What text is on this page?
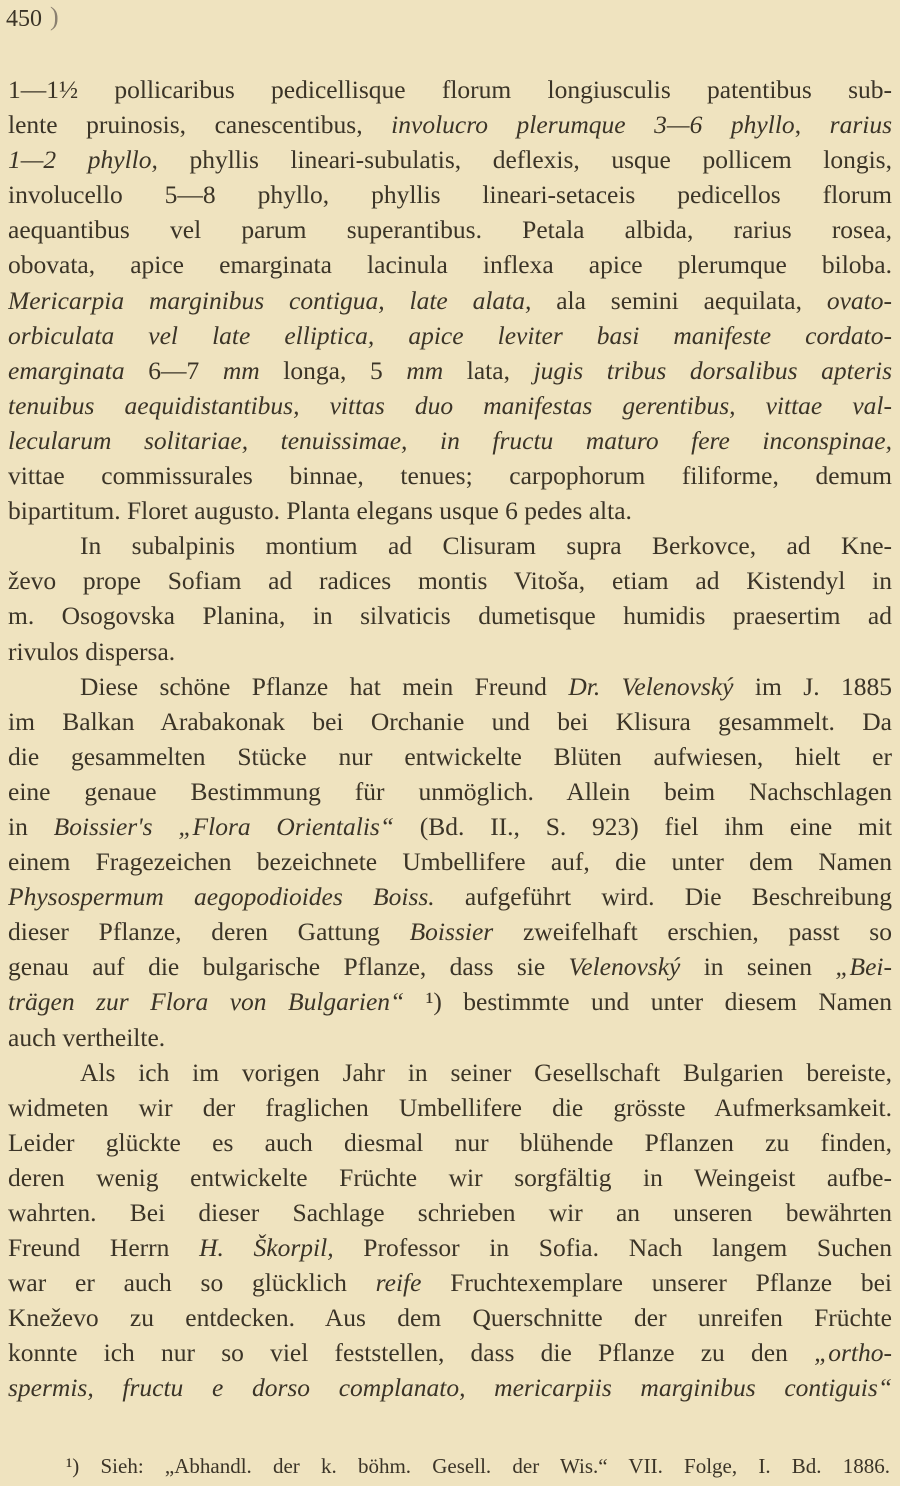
450 )
1—1½ pollicaribus pedicellisque florum longiusculis patentibus sub-
lente pruinosis, canescentibus, involucro plerumque 3—6 phyllo, rarius
1—2 phyllo, phyllis lineari-subulatis, deflexis, usque pollicem longis,
involucello 5—8 phyllo, phyllis lineari-setaceis pedicellos florum
aequantibus vel parum superantibus. Petala albida, rarius rosea,
obovata, apice emarginata lacinula inflexa apice plerumque biloba.
Mericarpia marginibus contigua, late alata, ala semini aequilata, ovato-
orbiculata vel late elliptica, apice leviter basi manifeste cordato-
emarginata 6—7 mm longa, 5 mm lata, jugis tribus dorsalibus apteris
tenuibus aequidistantibus, vittas duo manifestas gerentibus, vittae val-
lecularum solitariae, tenuissimae, in fructu maturo fere inconspinae,
vittae commissurales binnae, tenues; carpophorum filiforme, demum
bipartitum. Floret augusto. Planta elegans usque 6 pedes alta.
In subalpinis montium ad Clisuram supra Berkovce, ad Kne-
ževo prope Sofiam ad radices montis Vitoša, etiam ad Kistendyl in
m. Osogovska Planina, in silvaticis dumetisque humidis praesertim ad
rivulos dispersa.
Diese schöne Pflanze hat mein Freund Dr. Velenovský im J. 1885
im Balkan Arabakonak bei Orchanie und bei Klisura gesammelt. Da
die gesammelten Stücke nur entwickelte Blüten aufwiesen, hielt er
eine genaue Bestimmung für unmöglich. Allein beim Nachschlagen
in Boissier's „Flora Orientalis“ (Bd. II., S. 923) fiel ihm eine mit
einem Fragezeichen bezeichnete Umbellifere auf, die unter dem Namen
Physospermum aegopodioides Boiss. aufgeführt wird. Die Beschreibung
dieser Pflanze, deren Gattung Boissier zweifelhaft erschien, passt so
genau auf die bulgarische Pflanze, dass sie Velenovský in seinen „Bei-
trägen zur Flora von Bulgarien“ ¹) bestimmte und unter diesem Namen
auch vertheilte.
Als ich im vorigen Jahr in seiner Gesellschaft Bulgarien bereiste,
widmeten wir der fraglichen Umbellifere die grösste Aufmerksamkeit.
Leider glückte es auch diesmal nur blühende Pflanzen zu finden,
deren wenig entwickelte Früchte wir sorgfältig in Weingeist aufbe-
wahrten. Bei dieser Sachlage schrieben wir an unseren bewährten
Freund Herrn H. Škorpil, Professor in Sofia. Nach langem Suchen
war er auch so glücklich reife Fruchtexemplare unserer Pflanze bei
Kneževo zu entdecken. Aus dem Querschnitte der unreifen Früchte
konnte ich nur so viel feststellen, dass die Pflanze zu den „ortho-
spermis, fructu e dorso complanato, mericarpiis marginibus contiguis“
¹) Sieh: „Abhandl. der k. böhm. Gesell. der Wis.“ VII. Folge, I. Bd. 1886.
